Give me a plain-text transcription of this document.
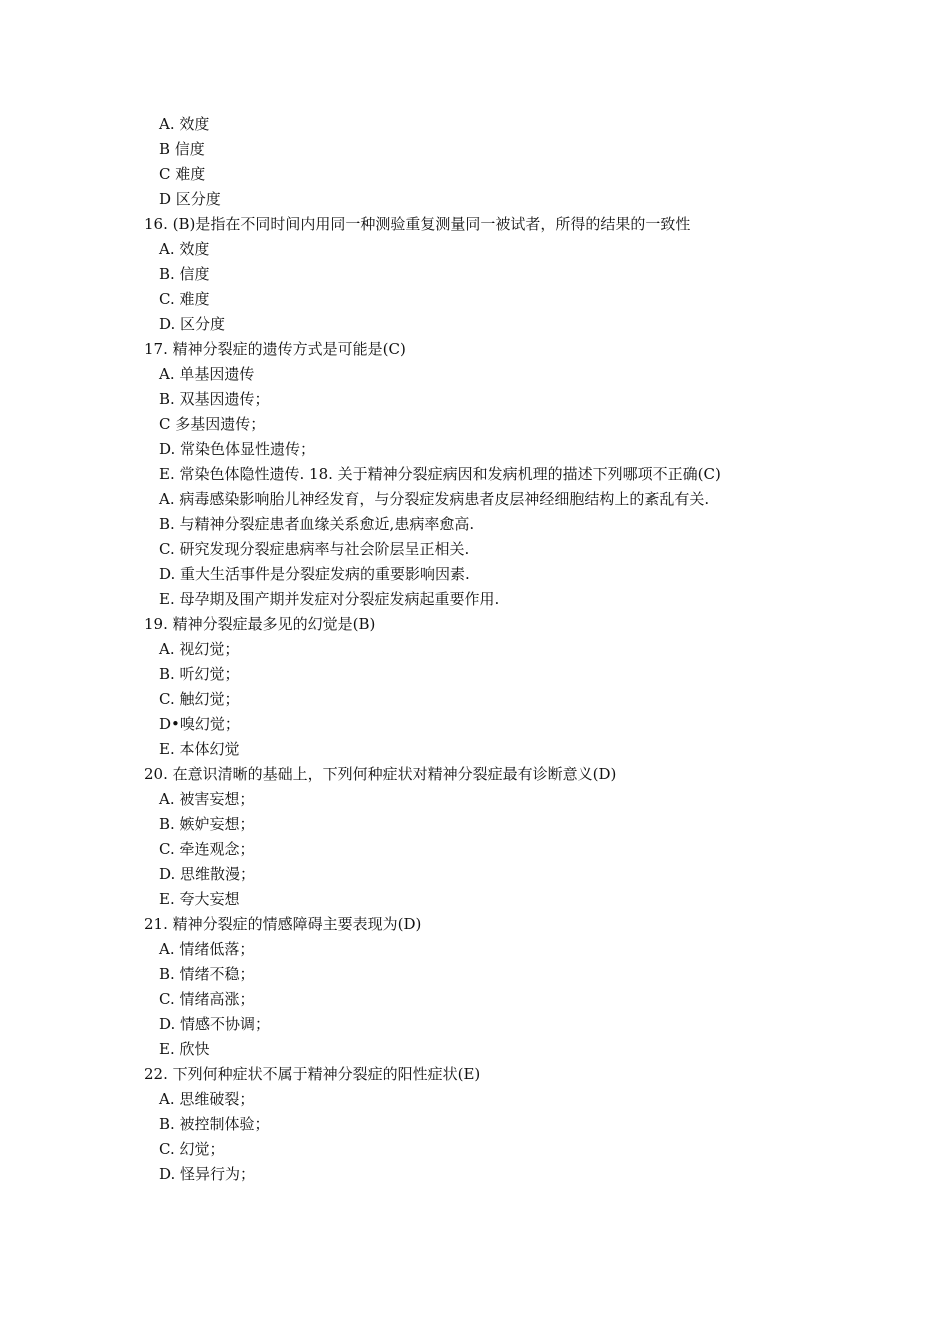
A. 效度
B 信度
C 难度
D 区分度
16. (B)是指在不同时间内用同一种测验重复测量同一被试者，所得的结果的一致性
A. 效度
B. 信度
C. 难度
D. 区分度
17. 精神分裂症的遗传方式是可能是(C)
A. 单基因遗传
B. 双基因遗传；
C 多基因遗传；
D. 常染色体显性遗传；
E. 常染色体隐性遗传. 18. 关于精神分裂症病因和发病机理的描述下列哪项不正确(C)
A. 病毒感染影响胎儿神经发育，与分裂症发病患者皮层神经细胞结构上的紊乱有关.
B. 与精神分裂症患者血缘关系愈近,患病率愈高.
C. 研究发现分裂症患病率与社会阶层呈正相关.
D. 重大生活事件是分裂症发病的重要影响因素.
E. 母孕期及围产期并发症对分裂症发病起重要作用.
19. 精神分裂症最多见的幻觉是(B)
A. 视幻觉；
B. 听幻觉；
C. 触幻觉；
D•嗅幻觉；
E. 本体幻觉
20. 在意识清晰的基础上，下列何种症状对精神分裂症最有诊断意义(D)
A. 被害妄想；
B. 嫉妒妄想；
C. 牵连观念；
D. 思维散漫；
E. 夸大妄想
21. 精神分裂症的情感障碍主要表现为(D)
A. 情绪低落；
B. 情绪不稳；
C. 情绪高涨；
D. 情感不协调；
E. 欣快
22. 下列何种症状不属于精神分裂症的阳性症状(E)
A. 思维破裂；
B. 被控制体验；
C. 幻觉；
D. 怪异行为；
